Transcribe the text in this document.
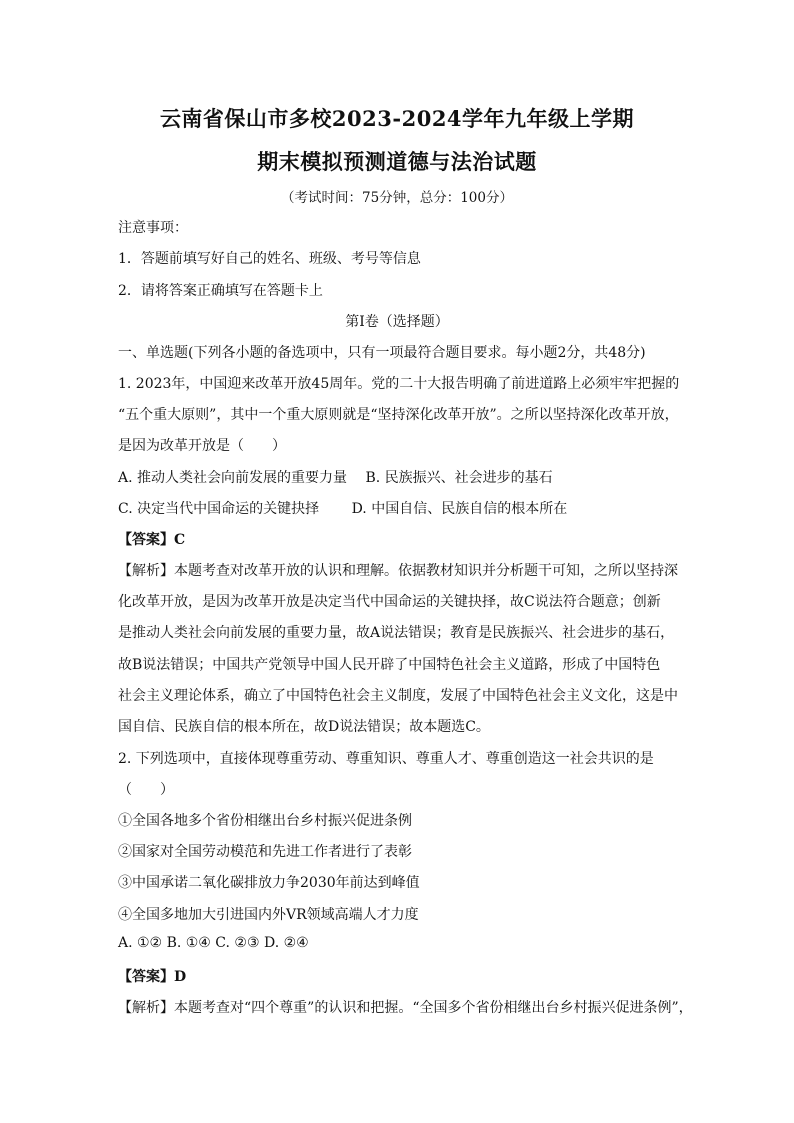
云南省保山市多校2023-2024学年九年级上学期
期末模拟预测道德与法治试题
（考试时间：75分钟，总分：100分）
注意事项：
1．答题前填写好自己的姓名、班级、考号等信息
2．请将答案正确填写在答题卡上
第I卷（选择题）
一、单选题(下列各小题的备选项中，只有一项最符合题目要求。每小题2分，共48分)
1. 2023年，中国迎来改革开放45周年。党的二十大报告明确了前进道路上必须牢牢把握的
“五个重大原则”，其中一个重大原则就是“坚持深化改革开放”。之所以坚持深化改革开放，
是因为改革开放是（　　）
A. 推动人类社会向前发展的重要力量　 B. 民族振兴、社会进步的基石
C. 决定当代中国命运的关键抉择　　 D. 中国自信、民族自信的根本所在
【答案】C
【解析】本题考查对改革开放的认识和理解。依据教材知识并分析题干可知，之所以坚持深
化改革开放，是因为改革开放是决定当代中国命运的关键抉择，故C说法符合题意；创新
是推动人类社会向前发展的重要力量，故A说法错误；教育是民族振兴、社会进步的基石，
故B说法错误；中国共产党领导中国人民开辟了中国特色社会主义道路，形成了中国特色
社会主义理论体系，确立了中国特色社会主义制度，发展了中国特色社会主义文化，这是中
国自信、民族自信的根本所在，故D说法错误；故本题选C。
2. 下列选项中，直接体现尊重劳动、尊重知识、尊重人才、尊重创造这一社会共识的是
（　　）
①全国各地多个省份相继出台乡村振兴促进条例
②国家对全国劳动模范和先进工作者进行了表彰
③中国承诺二氧化碳排放力争2030年前达到峰值
④全国多地加大引进国内外VR领域高端人才力度
A. ①② B. ①④ C. ②③ D. ②④
【答案】D
【解析】本题考查对“四个尊重”的认识和把握。“全国多个省份相继出台乡村振兴促进条例”，
